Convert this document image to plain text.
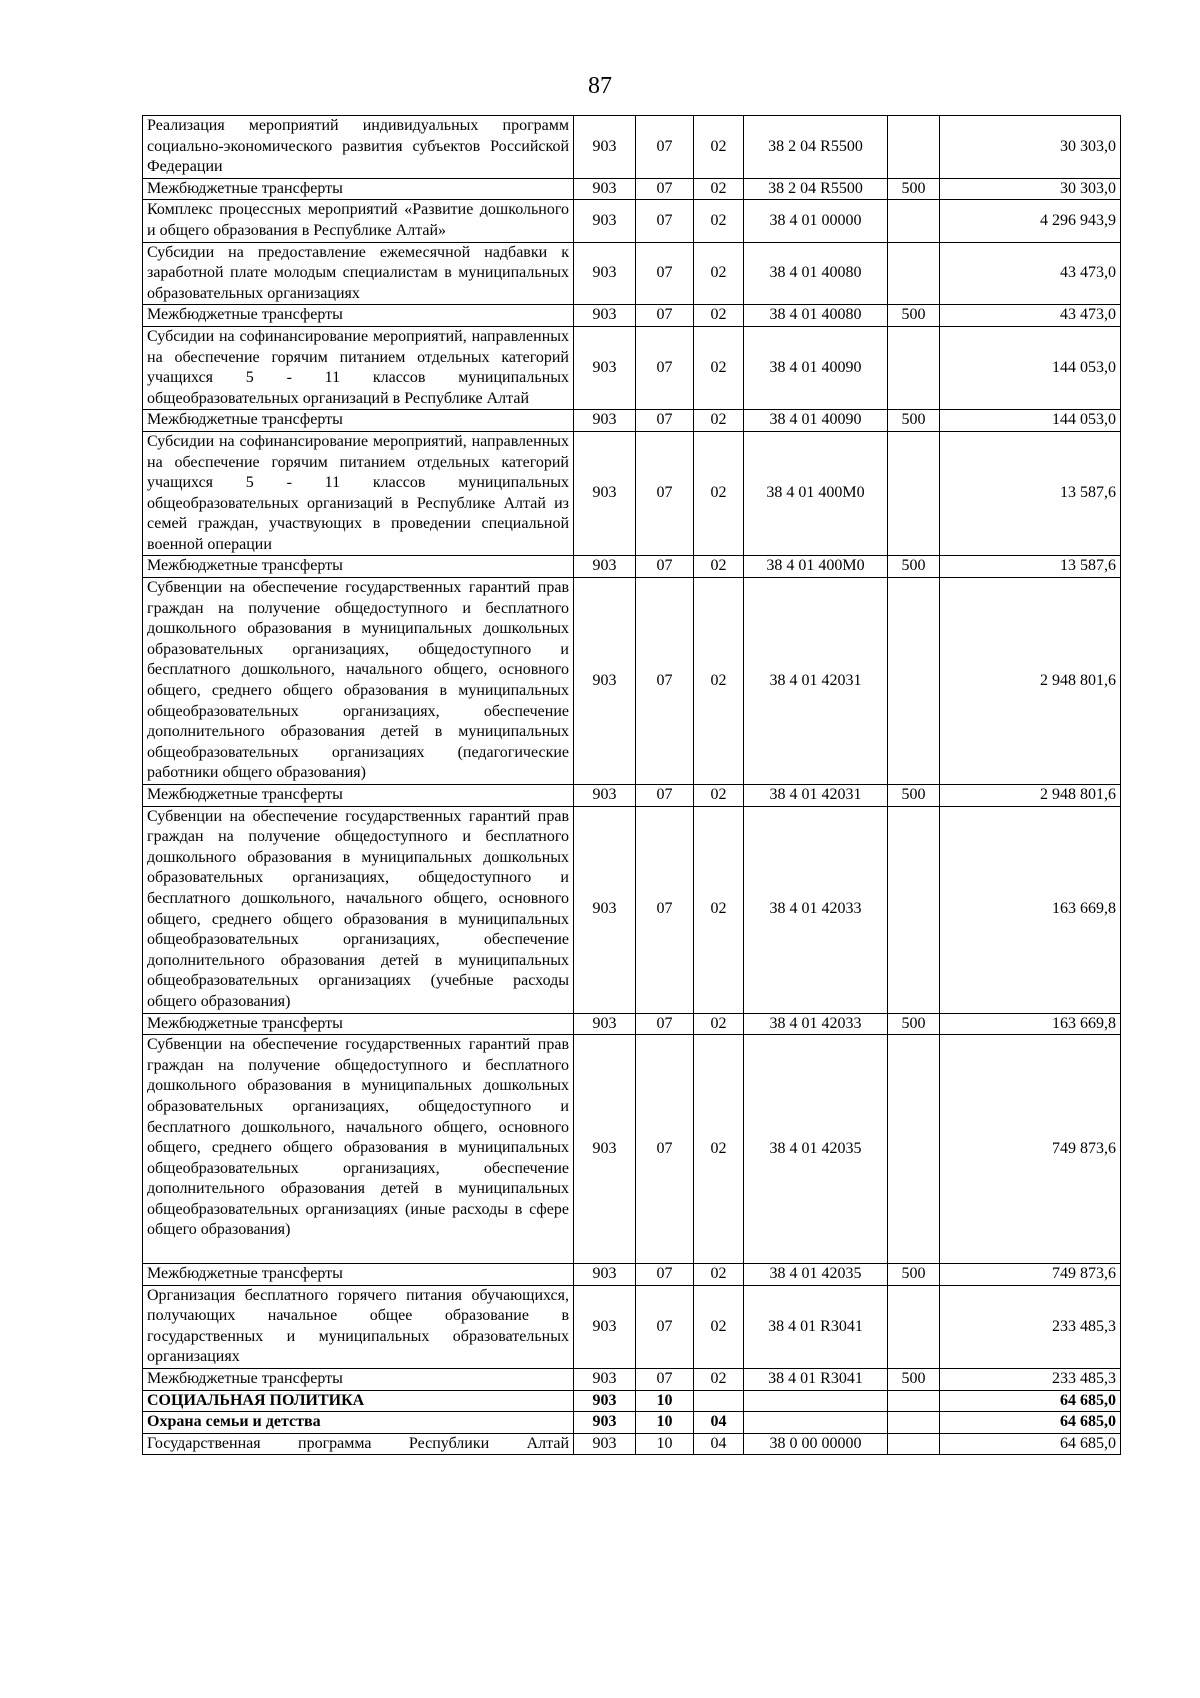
87
Реализация мероприятий индивидуальных программ социально-экономического развития субъектов Российской Федерации	903	07	02	38 2 04 R5500		30 303,0
Межбюджетные трансферты	903	07	02	38 2 04 R5500	500	30 303,0
Комплекс процессных мероприятий «Развитие дошкольного и общего образования в Республике Алтай»	903	07	02	38 4 01 00000		4 296 943,9
Субсидии на предоставление ежемесячной надбавки к заработной плате молодым специалистам в муниципальных образовательных организациях	903	07	02	38 4 01 40080		43 473,0
Межбюджетные трансферты	903	07	02	38 4 01 40080	500	43 473,0
Субсидии на софинансирование мероприятий, направленных на обеспечение горячим питанием отдельных категорий учащихся 5 - 11 классов муниципальных общеобразовательных организаций в Республике Алтай	903	07	02	38 4 01 40090		144 053,0
Межбюджетные трансферты	903	07	02	38 4 01 40090	500	144 053,0
Субсидии на софинансирование мероприятий, направленных на обеспечение горячим питанием отдельных категорий учащихся 5 - 11 классов муниципальных общеобразовательных организаций в Республике Алтай из семей граждан, участвующих в проведении специальной военной операции	903	07	02	38 4 01 400М0		13 587,6
Межбюджетные трансферты	903	07	02	38 4 01 400М0	500	13 587,6
Субвенции на обеспечение государственных гарантий прав граждан на получение общедоступного и бесплатного дошкольного образования в муниципальных дошкольных образовательных организациях, общедоступного и бесплатного дошкольного, начального общего, основного общего, среднего общего образования в муниципальных общеобразовательных организациях, обеспечение дополнительного образования детей в муниципальных общеобразовательных организациях (педагогические работники общего образования)	903	07	02	38 4 01 42031		2 948 801,6
Межбюджетные трансферты	903	07	02	38 4 01 42031	500	2 948 801,6
Субвенции на обеспечение государственных гарантий прав граждан на получение общедоступного и бесплатного дошкольного образования в муниципальных дошкольных образовательных организациях, общедоступного и бесплатного дошкольного, начального общего, основного общего, среднего общего образования в муниципальных общеобразовательных организациях, обеспечение дополнительного образования детей в муниципальных общеобразовательных организациях (учебные расходы общего образования)	903	07	02	38 4 01 42033		163 669,8
Межбюджетные трансферты	903	07	02	38 4 01 42033	500	163 669,8
Субвенции на обеспечение государственных гарантий прав граждан на получение общедоступного и бесплатного дошкольного образования в муниципальных дошкольных образовательных организациях, общедоступного и бесплатного дошкольного, начального общего, основного общего, среднего общего образования в муниципальных общеобразовательных организациях, обеспечение дополнительного образования детей в муниципальных общеобразовательных организациях (иные расходы в сфере общего образования)	903	07	02	38 4 01 42035		749 873,6
Межбюджетные трансферты	903	07	02	38 4 01 42035	500	749 873,6
Организация бесплатного горячего питания обучающихся, получающих начальное общее образование в государственных и муниципальных образовательных организациях	903	07	02	38 4 01 R3041		233 485,3
Межбюджетные трансферты	903	07	02	38 4 01 R3041	500	233 485,3
СОЦИАЛЬНАЯ ПОЛИТИКА	903	10				64 685,0
Охрана семьи и детства	903	10	04			64 685,0
Государственная программа Республики Алтай	903	10	04	38 0 00 00000		64 685,0
